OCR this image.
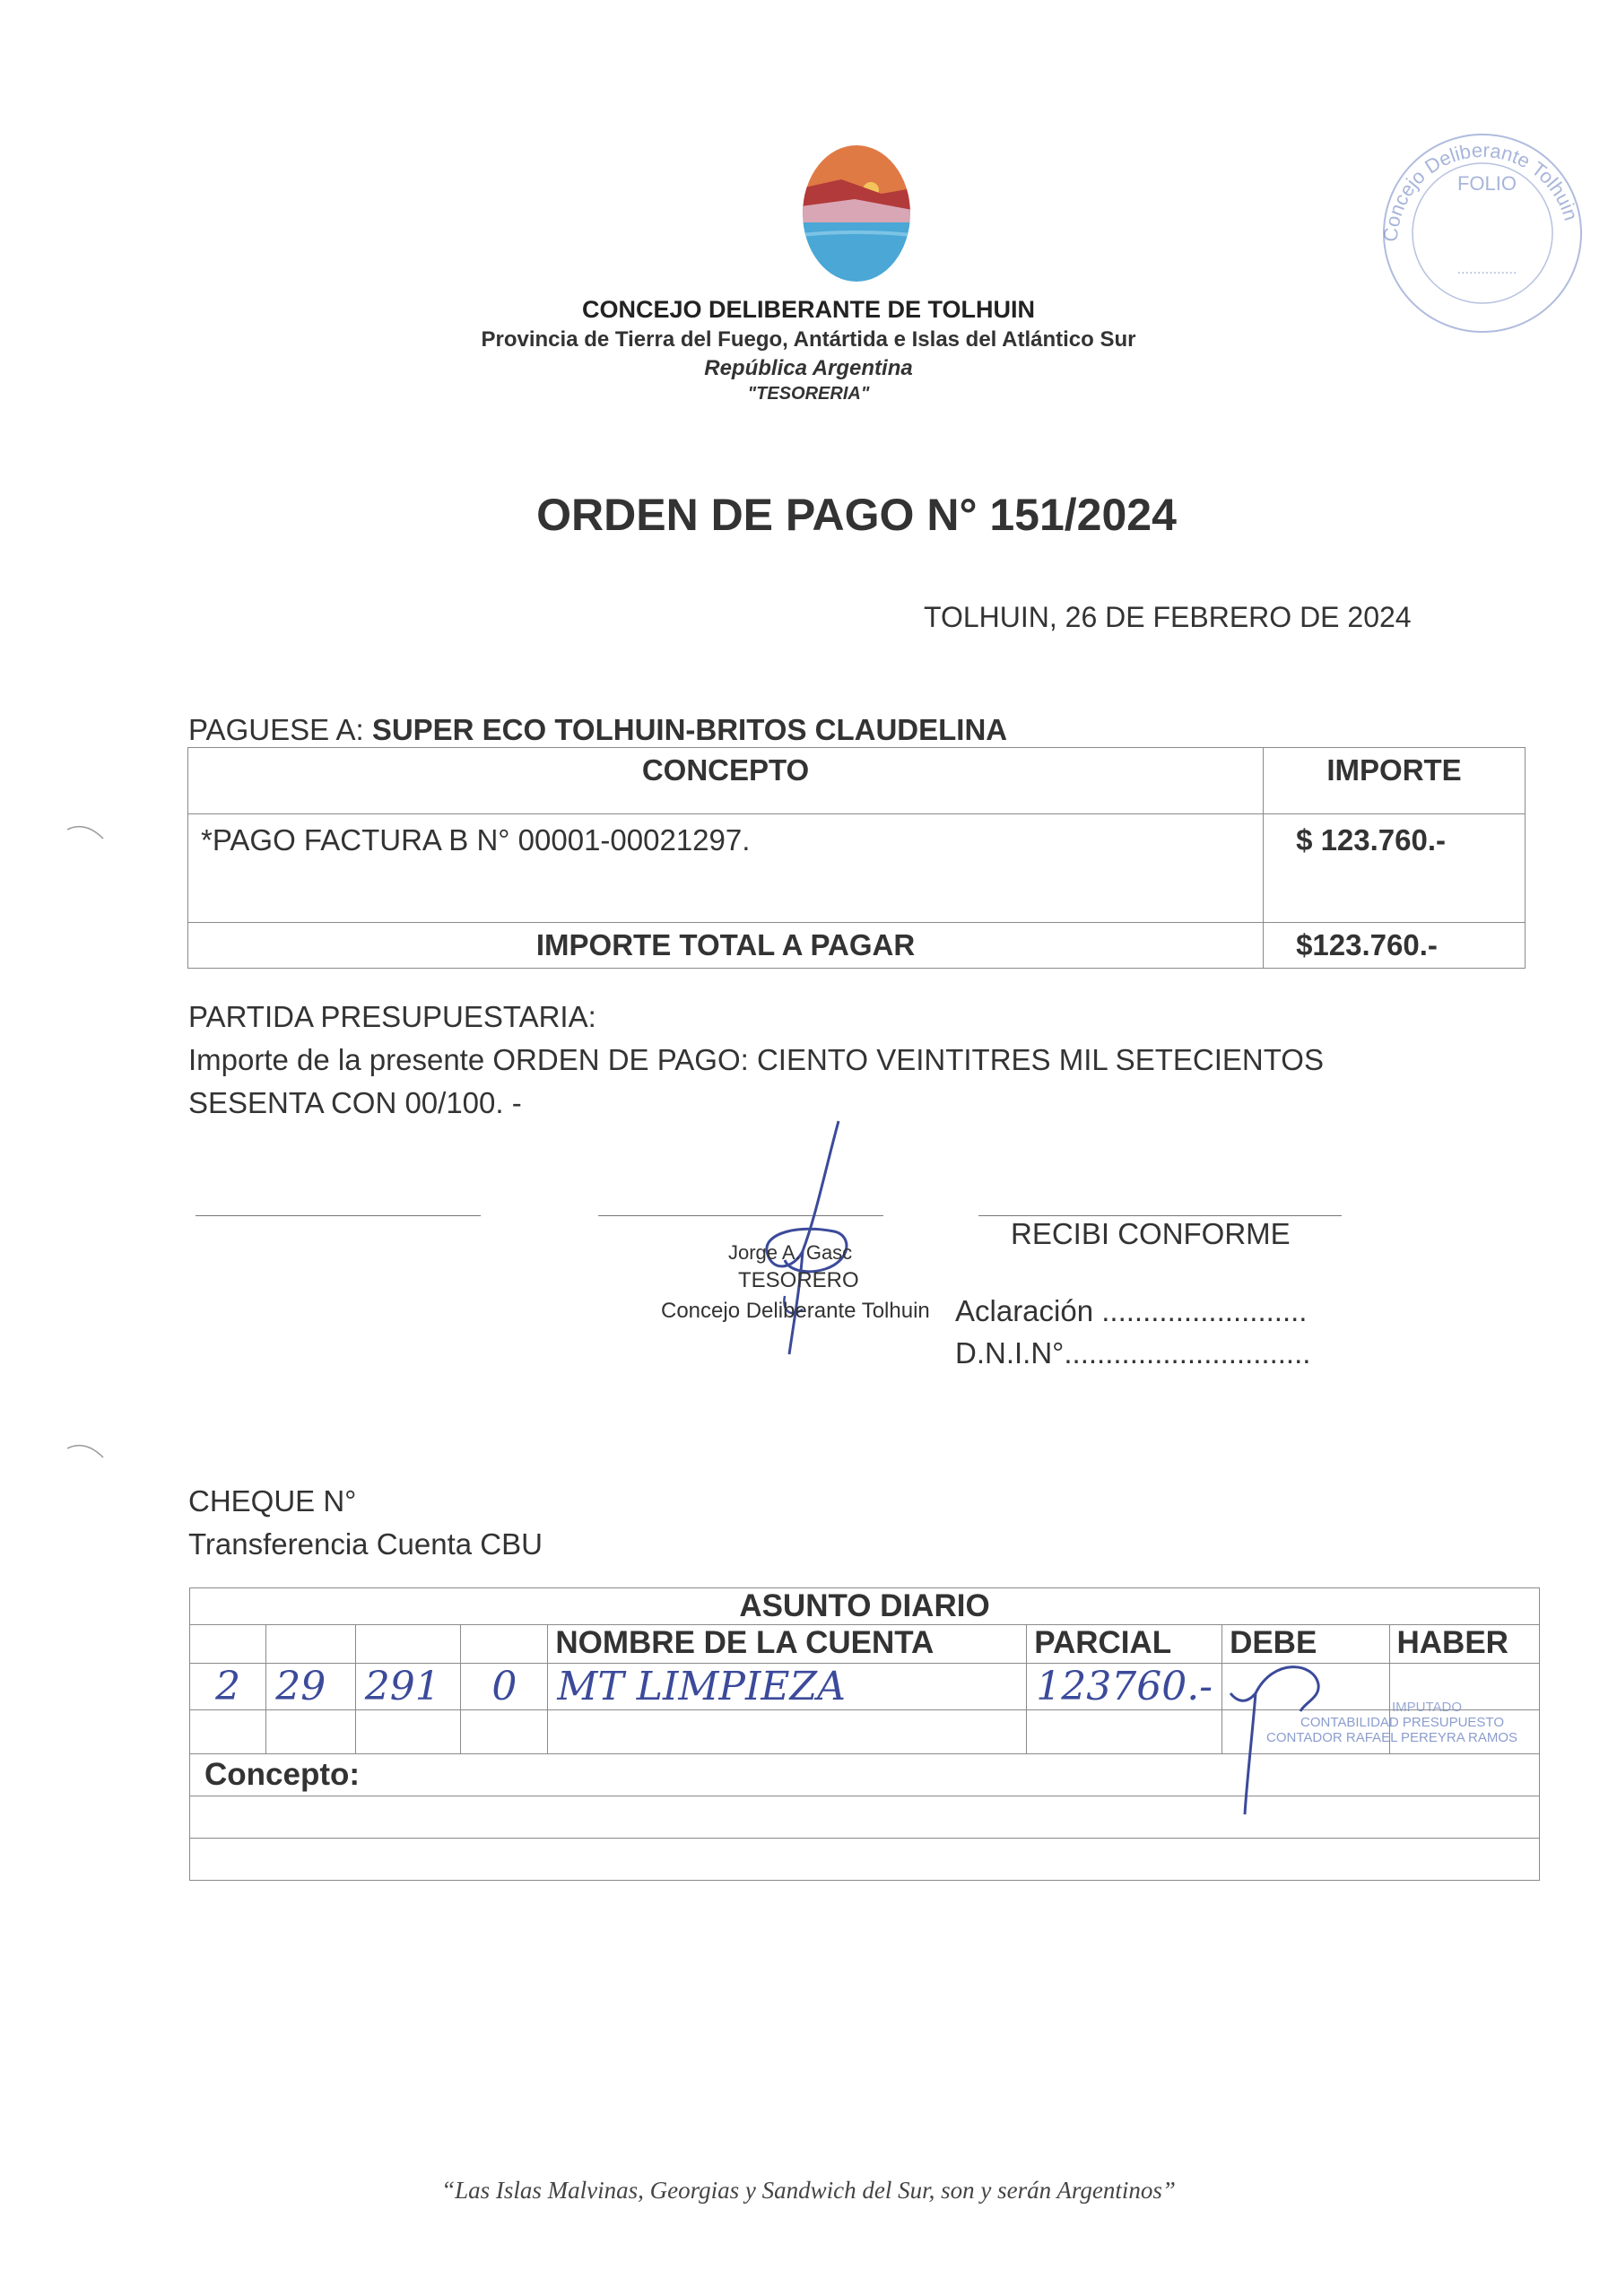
Concejo Deliberante Tolhuin
FOLIO
...............
CONCEJO DELIBERANTE DE TOLHUIN
Provincia de Tierra del Fuego, Antártida e Islas del Atlántico Sur
República Argentina
"TESORERIA"
ORDEN DE PAGO N° 151/2024
TOLHUIN, 26 DE FEBRERO DE 2024
PAGUESE A: SUPER ECO TOLHUIN-BRITOS CLAUDELINA
CONCEPTO	IMPORTE
*PAGO FACTURA B N° 00001-00021297.	$ 123.760.-
IMPORTE TOTAL A PAGAR	$123.760.-
PARTIDA PRESUPUESTARIA:
Importe de la presente ORDEN DE PAGO: CIENTO VEINTITRES MIL SETECIENTOS
SESENTA CON 00/100. -
Jorge A. Gasc
TESORERO
Concejo Deliberante Tolhuin
RECIBI CONFORME
Aclaración .........................
D.N.I.N°..............................
CHEQUE N°
Transferencia Cuenta CBU
ASUNTO DIARIO							
				NOMBRE DE LA CUENTA	PARCIAL	DEBE	HABER
2	29	291	0	MT LIMPIEZA	123760.-		

Concepto:							

IMPUTADO
CONTABILIDAD PRESUPUESTO
CONTADOR RAFAEL PEREYRA RAMOS
“Las Islas Malvinas, Georgias y Sandwich del Sur, son y serán Argentinos”
